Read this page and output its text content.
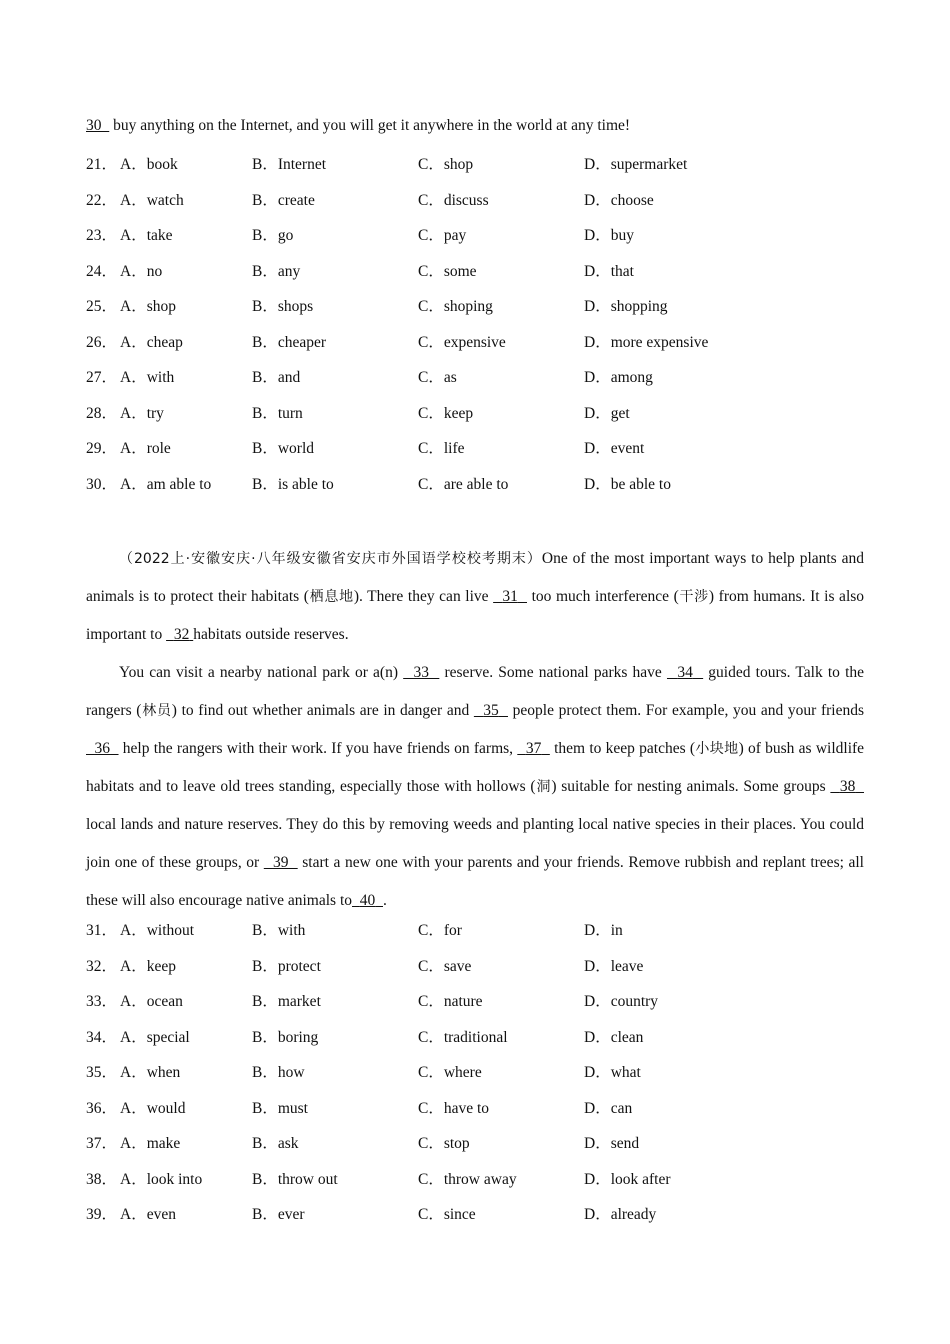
30   buy anything on the Internet, and you will get it anywhere in the world at any time!
21． A．book	B．Internet	C．shop	D．supermarket
22． A．watch	B．create	C．discuss	D．choose
23． A．take	B．go	C．pay	D．buy
24． A．no	B．any	C．some	D．that
25． A．shop	B．shops	C．shoping	D．shopping
26． A．cheap	B．cheaper	C．expensive	D．more expensive
27． A．with	B．and	C．as	D．among
28． A．try	B．turn	C．keep	D．get
29． A．role	B．world	C．life	D．event
30． A．am able to	B．is able to	C．are able to	D．be able to

（2022上·安徽安庆·八年级安徽省安庆市外国语学校校考期末）One of the most important ways to help plants and animals is to protect their habitats (栖息地). There they can live   31   too much interference (干涉) from humans. It is also important to   32 habitats outside reserves.

You can visit a nearby national park or a(n)   33   reserve. Some national parks have   34   guided tours. Talk to the rangers (林员) to find out whether animals are in danger and   35   people protect them. For example, you and your friends   36   help the rangers with their work. If you have friends on farms,   37   them to keep patches (小块地) of bush as wildlife habitats and to leave old trees standing, especially those with hollows (洞) suitable for nesting animals. Some groups   38   local lands and nature reserves. They do this by removing weeds and planting local native species in their places. You could join one of these groups, or   39   start a new one with your parents and your friends. Remove rubbish and replant trees; all these will also encourage native animals to 40 .

31． A．without	B．with	C．for	D．in
32． A．keep	B．protect	C．save	D．leave
33． A．ocean	B．market	C．nature	D．country
34． A．special	B．boring	C．traditional	D．clean
35． A．when	B．how	C．where	D．what
36． A．would	B．must	C．have to	D．can
37． A．make	B．ask	C．stop	D．send
38． A．look into	B．throw out	C．throw away	D．look after
39． A．even	B．ever	C．since	D．already
